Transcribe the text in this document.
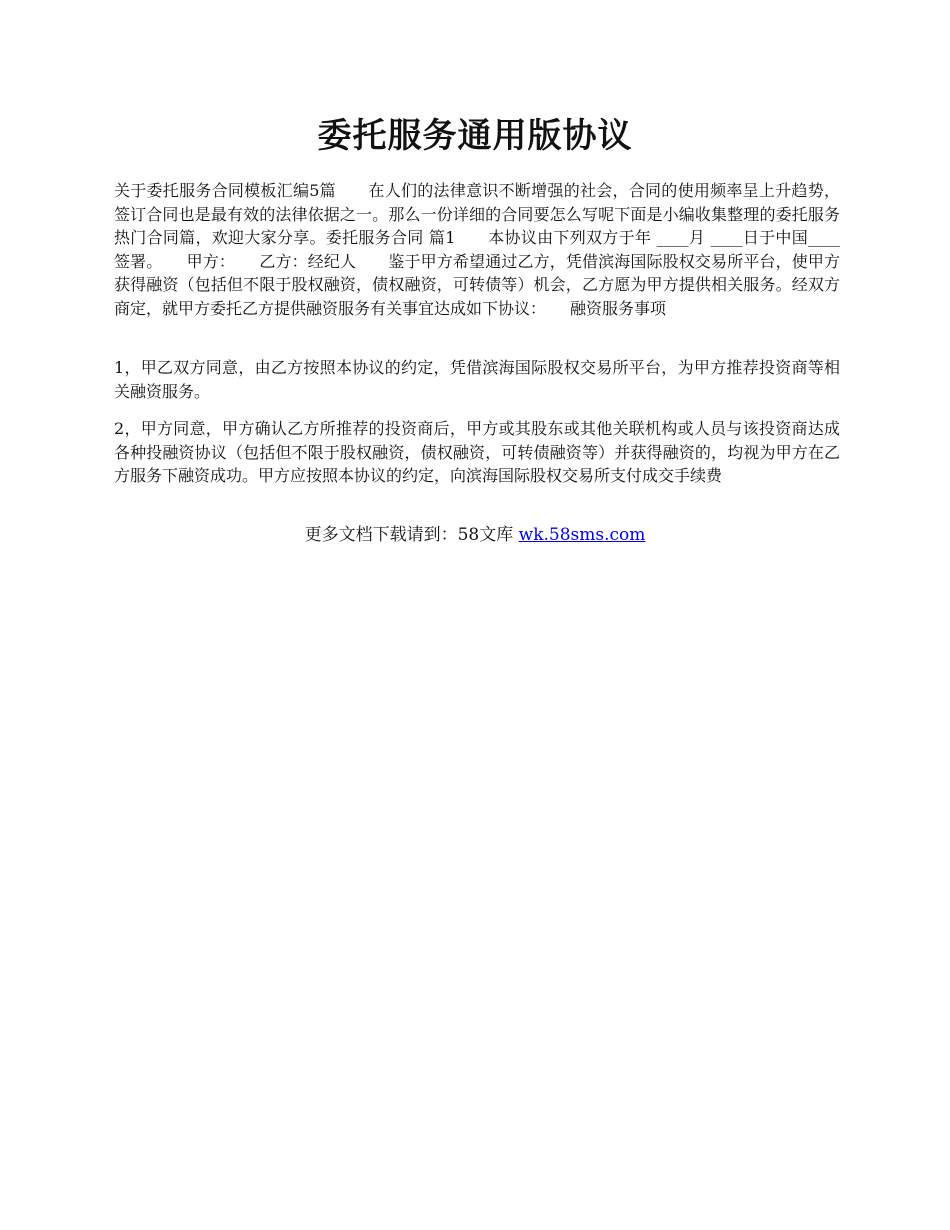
委托服务通用版协议

关于委托服务合同模板汇编5篇　　在人们的法律意识不断增强的社会，合同的使用频率呈上升趋势，签订合同也是最有效的法律依据之一。那么一份详细的合同要怎么写呢下面是小编收集整理的委托服务热门合同篇，欢迎大家分享。委托服务合同 篇1　　本协议由下列双方于年 ____月 ____日于中国____签署。　　甲方：　　乙方：经纪人　　鉴于甲方希望通过乙方，凭借滨海国际股权交易所平台，使甲方获得融资（包括但不限于股权融资，债权融资，可转债等）机会，乙方愿为甲方提供相关服务。经双方商定，就甲方委托乙方提供融资服务有关事宜达成如下协议：　　融资服务事项

1，甲乙双方同意，由乙方按照本协议的约定，凭借滨海国际股权交易所平台，为甲方推荐投资商等相关融资服务。

2，甲方同意，甲方确认乙方所推荐的投资商后，甲方或其股东或其他关联机构或人员与该投资商达成各种投融资协议（包括但不限于股权融资，债权融资，可转债融资等）并获得融资的，均视为甲方在乙方服务下融资成功。甲方应按照本协议的约定，向滨海国际股权交易所支付成交手续费

更多文档下载请到：58文库 wk.58sms.com
